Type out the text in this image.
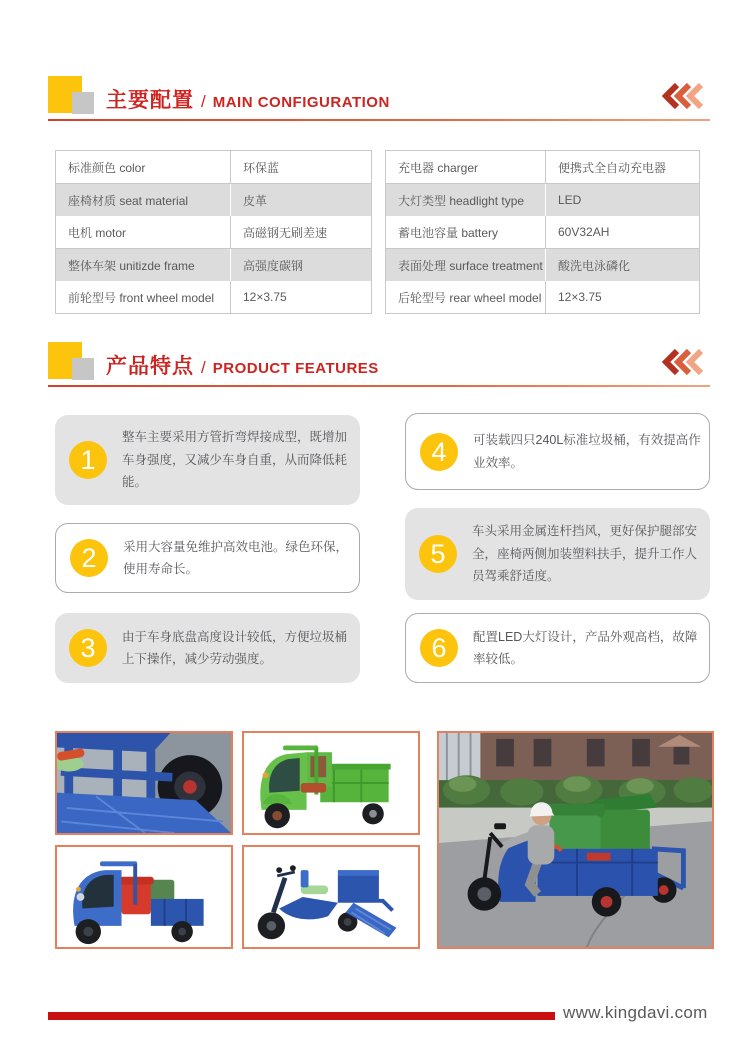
主要配置 / MAIN CONFIGURATION
标准颜色 color	环保蓝
座椅材质 seat material	皮革
电机 motor	高磁钢无刷差速
整体车架 unitizde frame	高强度碳钢
前轮型号 front wheel model	12×3.75
充电器 charger	便携式全自动充电器
大灯类型 headlight type	LED
蓄电池容量 battery	60V32AH
表面处理 surface treatment	酸洗电泳磷化
后轮型号 rear wheel model	12×3.75
产品特点 / PRODUCT FEATURES
1
整车主要采用方管折弯焊接成型，既增加车身强度，又减少车身自重，从而降低耗能。
2	采用大容量免维护高效电池。绿色环保，使用寿命长。
3	由于车身底盘高度设计较低，方便垃圾桶上下操作，减少劳动强度。
4	可装载四只240L标准垃圾桶，有效提高作业效率。
5
车头采用金属连杆挡风，更好保护腿部安全，座椅两侧加装塑料扶手，提升工作人员驾乘舒适度。
6	配置LED大灯设计，产品外观高档，故障率较低。
www.kingdavi.com
